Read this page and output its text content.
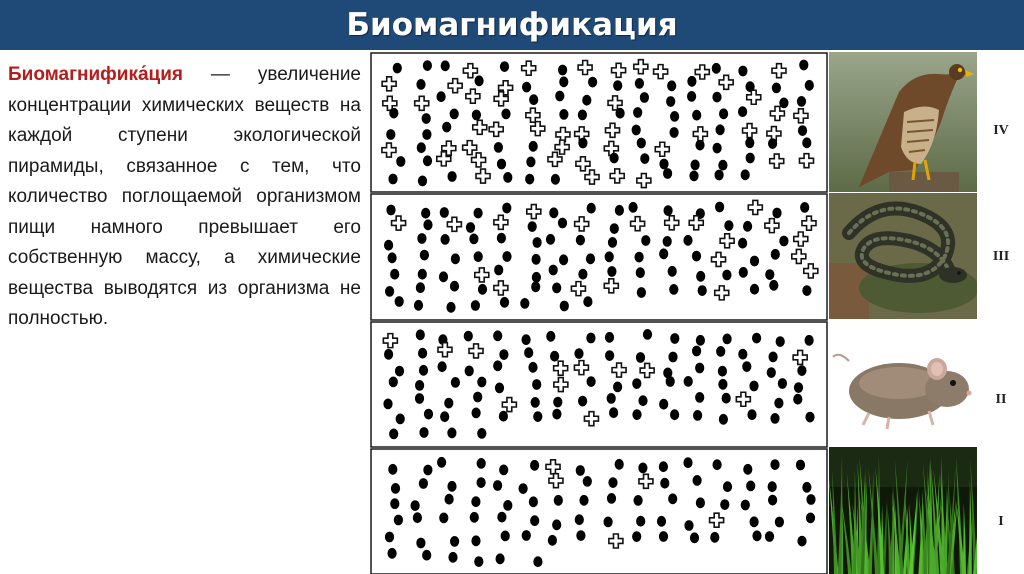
Биомагнификация
Биомагнифика́ция — увеличение концентрации химических веществ на каждой ступени экологической пирамиды, связанное с тем, что количество поглощаемой организмом пищи намного превышает его собственную массу, а химические вещества выводятся из организма не полностью.
IV
III
II
I
